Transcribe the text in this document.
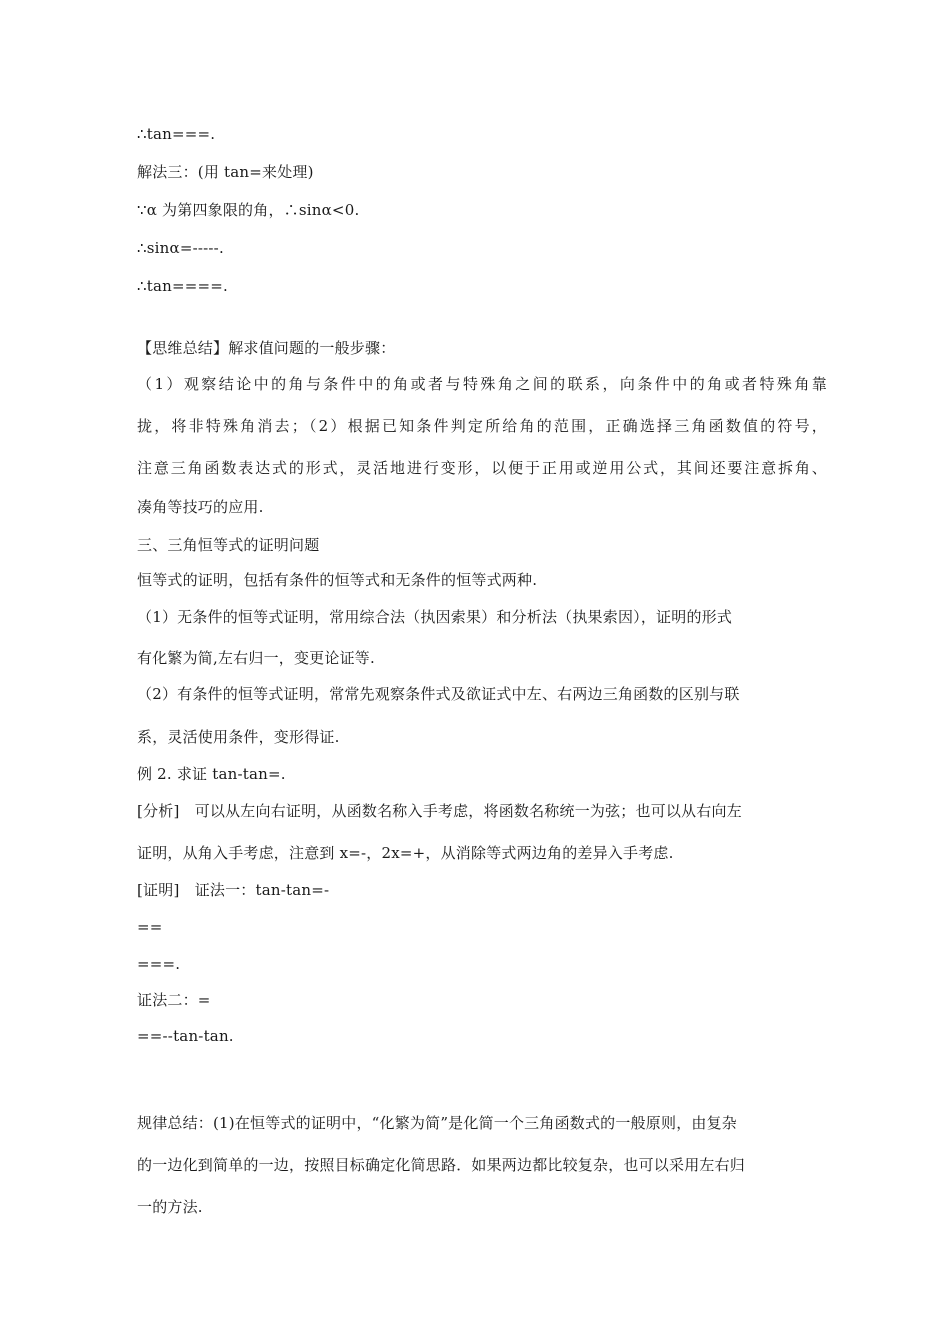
∴tan===.
解法三：(用 tan=来处理)
∵α 为第四象限的角，∴sinα<0.
∴sinα=-----.
∴tan====.
【思维总结】解求值问题的一般步骤：
（1）观察结论中的角与条件中的角或者与特殊角之间的联系，向条件中的角或者特殊角靠
拢，将非特殊角消去；（2）根据已知条件判定所给角的范围，正确选择三角函数值的符号，
注意三角函数表达式的形式，灵活地进行变形，以便于正用或逆用公式，其间还要注意拆角、
凑角等技巧的应用.
三、三角恒等式的证明问题
恒等式的证明，包括有条件的恒等式和无条件的恒等式两种.
（1）无条件的恒等式证明，常用综合法（执因索果）和分析法（执果索因），证明的形式
有化繁为简,左右归一，变更论证等.
（2）有条件的恒等式证明，常常先观察条件式及欲证式中左、右两边三角函数的区别与联
系，灵活使用条件，变形得证.
例 2. 求证 tan-tan=.
[分析]　可以从左向右证明，从函数名称入手考虑，将函数名称统一为弦；也可以从右向左
证明，从角入手考虑，注意到 x=-，2x=+，从消除等式两边角的差异入手考虑.
[证明]　证法一：tan-tan=-
==
===.
证法二：=
==--tan-tan.
规律总结：(1)在恒等式的证明中，“化繁为简”是化简一个三角函数式的一般原则，由复杂
的一边化到简单的一边，按照目标确定化简思路．如果两边都比较复杂，也可以采用左右归
一的方法.
